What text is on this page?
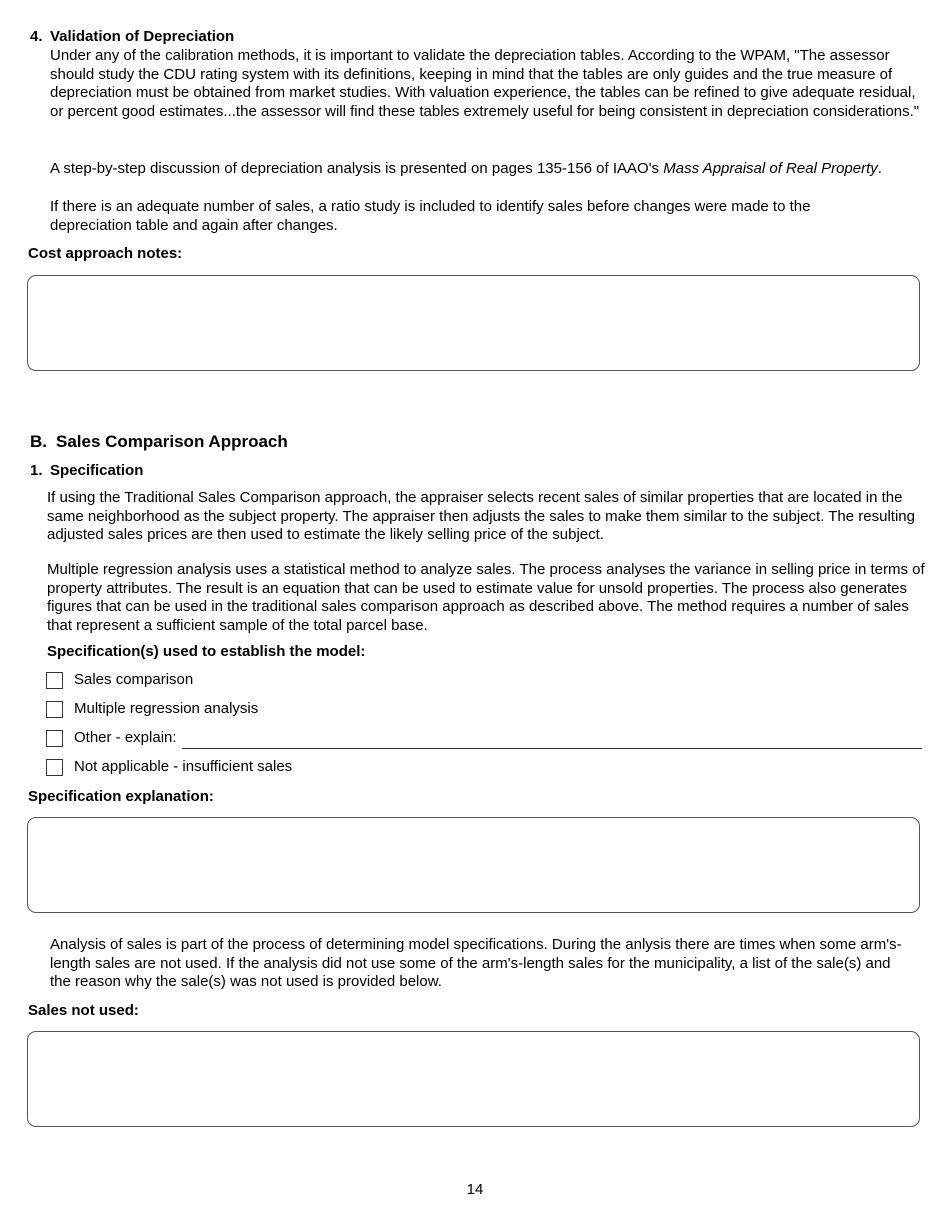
4. Validation of Depreciation

Under any of the calibration methods, it is important to validate the depreciation tables. According to the WPAM, "The assessor should study the CDU rating system with its definitions, keeping in mind that the tables are only guides and the true measure of depreciation must be obtained from market studies. With valuation experience, the tables can be refined to give adequate residual, or percent good estimates...the assessor will find these tables extremely useful for being consistent in depreciation considerations."

A step-by-step discussion of depreciation analysis is presented on pages 135-156 of IAAO's Mass Appraisal of Real Property.

If there is an adequate number of sales, a ratio study is included to identify sales before changes were made to the depreciation table and again after changes.

Cost approach notes:
B. Sales Comparison Approach
1. Specification

If using the Traditional Sales Comparison approach, the appraiser selects recent sales of similar properties that are located in the same neighborhood as the subject property. The appraiser then adjusts the sales to make them similar to the subject. The resulting adjusted sales prices are then used to estimate the likely selling price of the subject.

Multiple regression analysis uses a statistical method to analyze sales. The process analyses the variance in selling price in terms of property attributes. The result is an equation that can be used to estimate value for unsold properties. The process also generates figures that can be used in the traditional sales comparison approach as described above. The method requires a number of sales that represent a sufficient sample of the total parcel base.

Specification(s) used to establish the model:
Sales comparison
Multiple regression analysis
Other - explain:
Not applicable - insufficient sales
Specification explanation:

Analysis of sales is part of the process of determining model specifications. During the anlysis there are times when some arm's-length sales are not used. If the analysis did not use some of the arm's-length sales for the municipality, a list of the sale(s) and the reason why the sale(s) was not used is provided below.

Sales not used:
14
